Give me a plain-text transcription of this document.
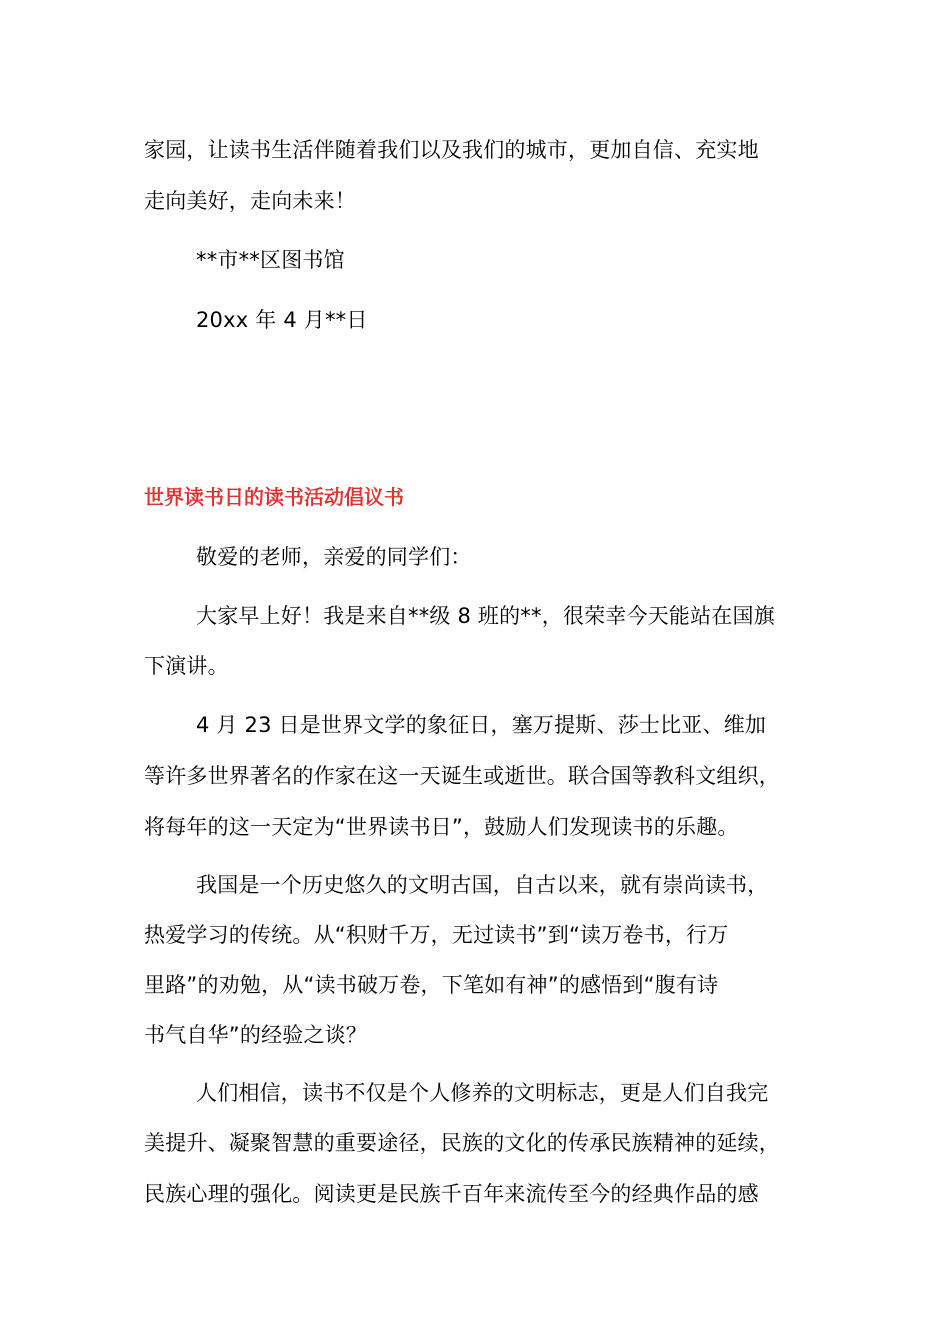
家园，让读书生活伴随着我们以及我们的城市，更加自信、充实地
走向美好，走向未来！
**市**区图书馆
20xx 年 4 月**日
世界读书日的读书活动倡议书
敬爱的老师，亲爱的同学们：
大家早上好！我是来自**级 8 班的**，很荣幸今天能站在国旗
下演讲。
4 月 23 日是世界文学的象征日，塞万提斯、莎士比亚、维加
等许多世界著名的作家在这一天诞生或逝世。联合国等教科文组织，
将每年的这一天定为“世界读书日”，鼓励人们发现读书的乐趣。
我国是一个历史悠久的文明古国，自古以来，就有崇尚读书，
热爱学习的传统。从“积财千万，无过读书”到“读万卷书，行万
里路”的劝勉，从“读书破万卷，下笔如有神”的感悟到“腹有诗
书气自华”的经验之谈？
人们相信，读书不仅是个人修养的文明标志，更是人们自我完
美提升、凝聚智慧的重要途径，民族的文化的传承民族精神的延续，
民族心理的强化。阅读更是民族千百年来流传至今的经典作品的感
